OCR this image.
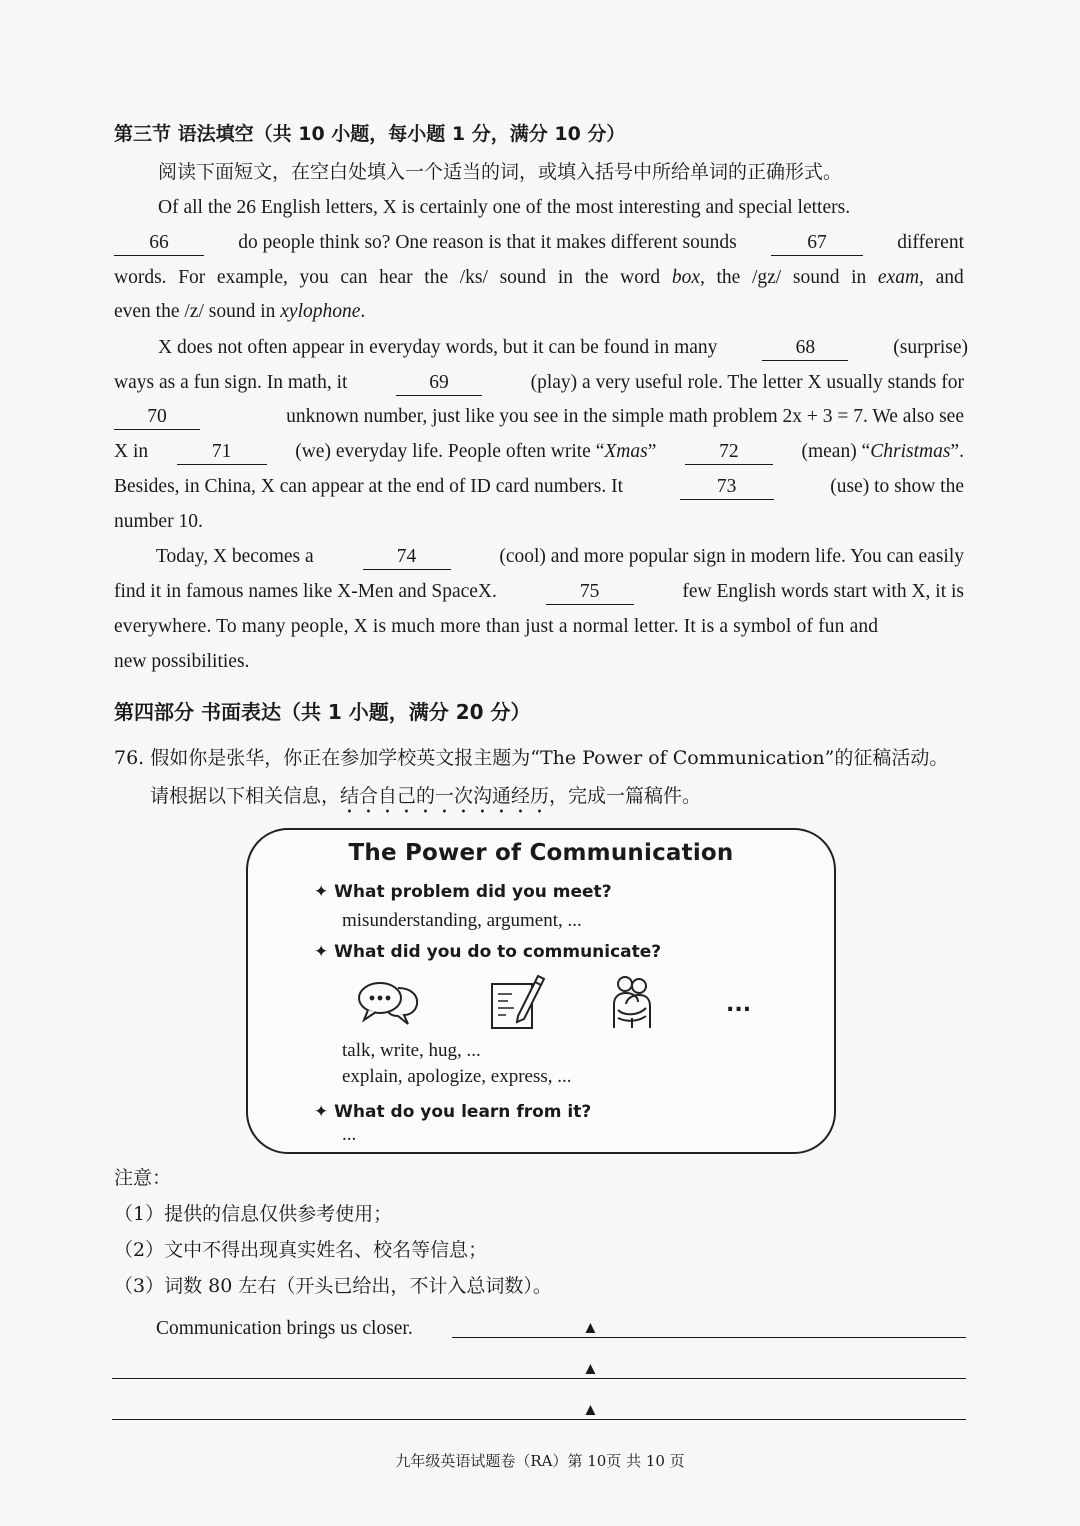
第三节 语法填空（共 10 小题，每小题 1 分，满分 10 分）
阅读下面短文，在空白处填入一个适当的词，或填入括号中所给单词的正确形式。
Of all the 26 English letters, X is certainly one of the most interesting and special letters.
66	do people think so? One reason is that it makes different sounds	67	different
words. For example, you can hear the /ks/ sound in the word box, the /gz/ sound in exam, and
even the /z/ sound in xylophone.
X does not often appear in everyday words, but it can be found in many	68	(surprise)
ways as a fun sign. In math, it	69	(play) a very useful role. The letter X usually stands for
70	unknown number, just like you see in the simple math problem 2x + 3 = 7. We also see
X in	71	(we) everyday life. People often write “Xmas”	72	(mean) “Christmas”.
Besides, in China, X can appear at the end of ID card numbers. It	73	(use) to show the
number 10.
Today, X becomes a	74	(cool) and more popular sign in modern life. You can easily
find it in famous names like X-Men and SpaceX.	75	few English words start with X, it is
everywhere. To many people, X is much more than just a normal letter. It is a symbol of fun and
new possibilities.
第四部分 书面表达（共 1 小题，满分 20 分）
76. 假如你是张华，你正在参加学校英文报主题为“The Power of Communication”的征稿活动。
请根据以下相关信息，结合自己的一次沟通经历，完成一篇稿件。
The Power of Communication
✦ What problem did you meet?
misunderstanding, argument, ...
✦ What did you do to communicate?
...
talk, write, hug, ...
explain, apologize, express, ...
✦ What do you learn from it?
...
注意：
（1）提供的信息仅供参考使用；
（2）文中不得出现真实姓名、校名等信息；
（3）词数 80 左右（开头已给出，不计入总词数）。
Communication brings us closer.	▲
▲
▲
九年级英语试题卷（RA）第 10页 共 10 页
